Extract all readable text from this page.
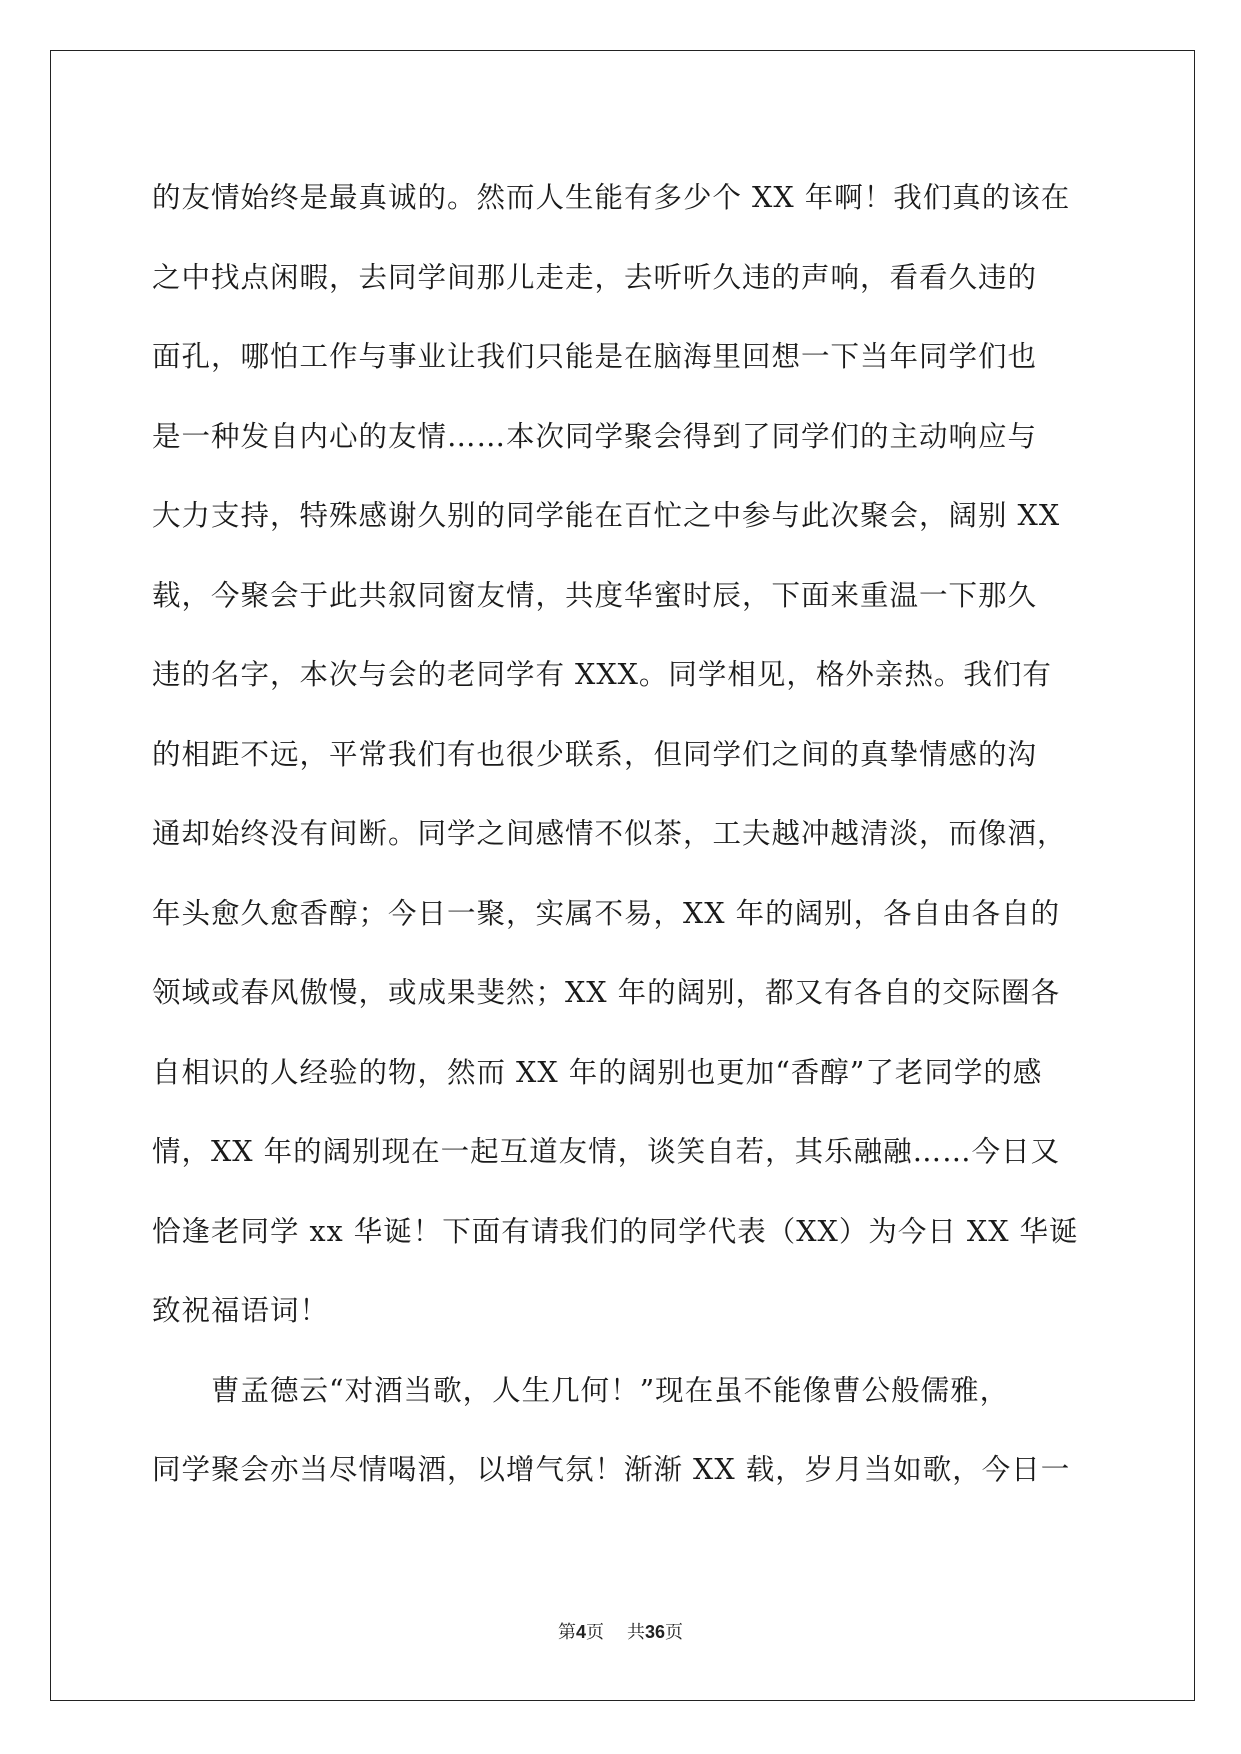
的友情始终是最真诚的。然而人生能有多少个 XX 年啊！我们真的该在
之中找点闲暇，去同学间那儿走走，去听听久违的声响，看看久违的
面孔，哪怕工作与事业让我们只能是在脑海里回想一下当年同学们也
是一种发自内心的友情……本次同学聚会得到了同学们的主动响应与
大力支持，特殊感谢久别的同学能在百忙之中参与此次聚会，阔别 XX
载，今聚会于此共叙同窗友情，共度华蜜时辰，下面来重温一下那久
违的名字，本次与会的老同学有 XXX。同学相见，格外亲热。我们有
的相距不远，平常我们有也很少联系，但同学们之间的真挚情感的沟
通却始终没有间断。同学之间感情不似茶，工夫越冲越清淡，而像酒，
年头愈久愈香醇；今日一聚，实属不易，XX 年的阔别，各自由各自的
领域或春风傲慢，或成果斐然；XX 年的阔别，都又有各自的交际圈各
自相识的人经验的物，然而 XX 年的阔别也更加“香醇”了老同学的感
情，XX 年的阔别现在一起互道友情，谈笑自若，其乐融融……今日又
恰逢老同学 xx 华诞！下面有请我们的同学代表（XX）为今日 XX 华诞
致祝福语词！
　　曹孟德云“对酒当歌，人生几何！”现在虽不能像曹公般儒雅，
同学聚会亦当尽情喝酒，以增气氛！渐渐 XX 载，岁月当如歌，今日一
第4页 共36页
